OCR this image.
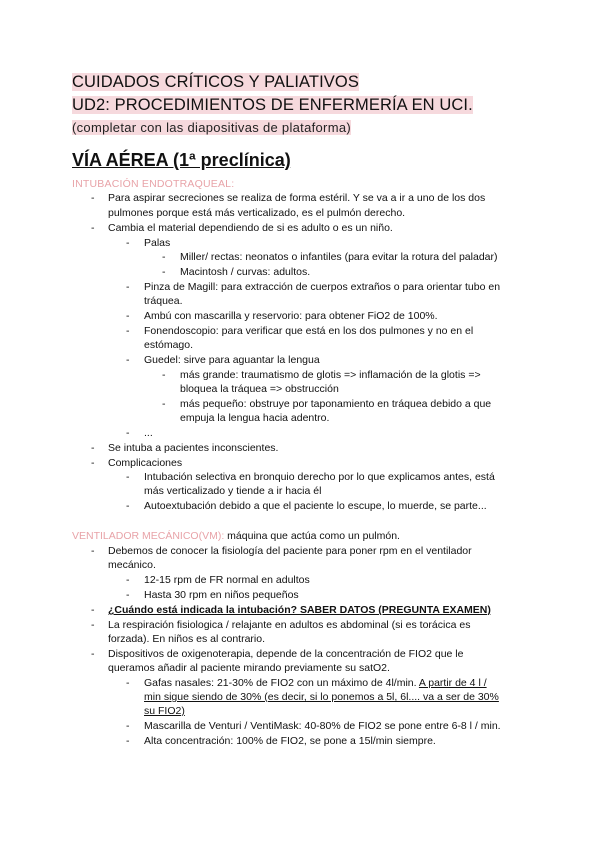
CUIDADOS CRÍTICOS Y PALIATIVOS
UD2: PROCEDIMIENTOS DE ENFERMERÍA EN UCI.
(completar con las diapositivas de plataforma)
VÍA AÉREA (1ª preclínica)
INTUBACIÓN ENDOTRAQUEAL:
- Para aspirar secreciones se realiza de forma estéril. Y se va a ir a uno de los dos
pulmones porque está más verticalizado, es el pulmón derecho.
- Cambia el material dependiendo de si es adulto o es un niño.
- Palas
- Miller/ rectas: neonatos o infantiles (para evitar la rotura del paladar)
- Macintosh / curvas: adultos.
- Pinza de Magill: para extracción de cuerpos extraños o para orientar tubo en
tráquea.
- Ambú con mascarilla y reservorio: para obtener FiO2 de 100%.
- Fonendoscopio: para verificar que está en los dos pulmones y no en el
estómago.
- Guedel: sirve para aguantar la lengua
- más grande: traumatismo de glotis => inflamación de la glotis =>
bloquea la tráquea => obstrucción
- más pequeño: obstruye por taponamiento en tráquea debido a que
empuja la lengua hacia adentro.
- ...
- Se intuba a pacientes inconscientes.
- Complicaciones
- Intubación selectiva en bronquio derecho por lo que explicamos antes, está
más verticalizado y tiende a ir hacia él
- Autoextubación debido a que el paciente lo escupe, lo muerde, se parte...
VENTILADOR MECÁNICO(VM): máquina que actúa como un pulmón.
- Debemos de conocer la fisiología del paciente para poner rpm en el ventilador
mecánico.
- 12-15 rpm de FR normal en adultos
- Hasta 30 rpm en niños pequeños
- ¿Cuándo está indicada la intubación? SABER DATOS (PREGUNTA EXAMEN)
- La respiración fisiologica / relajante en adultos es abdominal (si es torácica es
forzada). En niños es al contrario.
- Dispositivos de oxigenoterapia, depende de la concentración de FIO2 que le
queramos añadir al paciente mirando previamente su satO2.
- Gafas nasales: 21-30% de FIO2 con un máximo de 4l/min. A partir de 4 l /
min sigue siendo de 30% (es decir, si lo ponemos a 5l, 6l.... va a ser de 30%
su FIO2)
- Mascarilla de Venturi / VentiMask: 40-80% de FIO2 se pone entre 6-8 l / min.
- Alta concentración: 100% de FIO2, se pone a 15l/min siempre.
